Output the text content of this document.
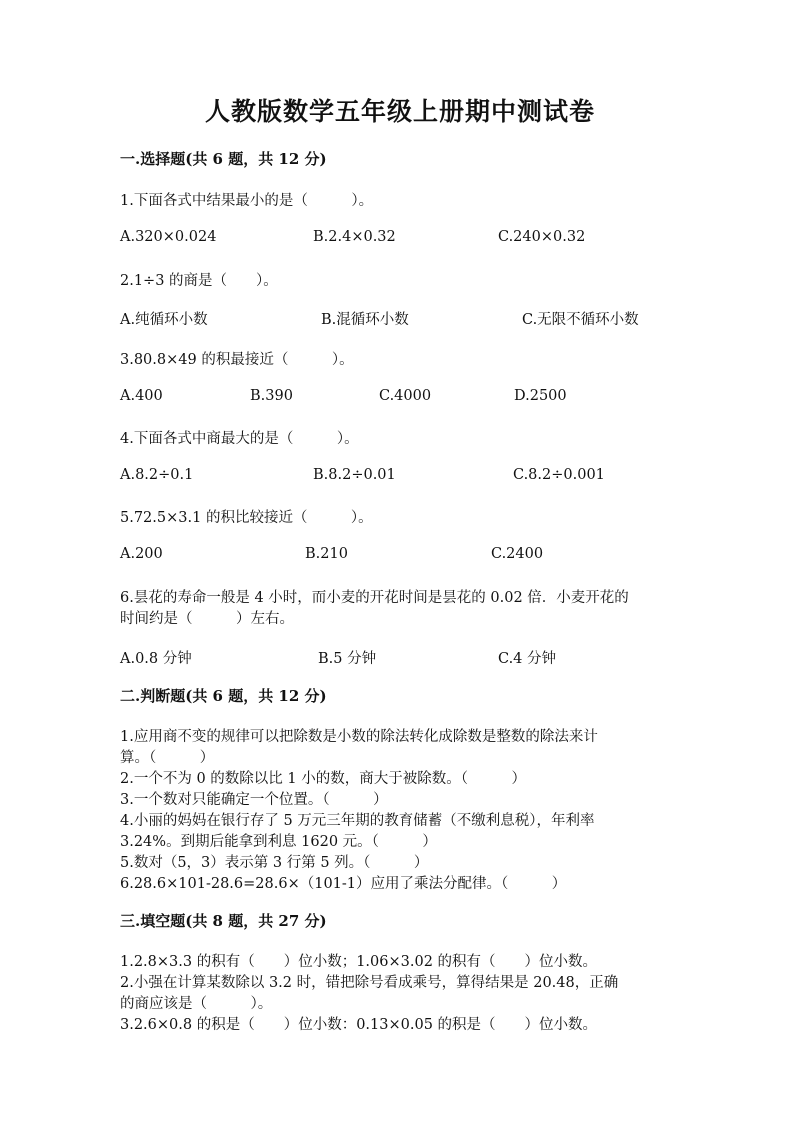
人教版数学五年级上册期中测试卷
一.选择题(共 6 题，共 12 分)
1.下面各式中结果最小的是（　　　）。
A.320×0.024	B.2.4×0.32	C.240×0.32
2.1÷3 的商是（　　）。
A.纯循环小数	B.混循环小数	C.无限不循环小数
3.80.8×49 的积最接近（　　　）。
A.400	B.390	C.4000	D.2500
4.下面各式中商最大的是（　　　）。
A.8.2÷0.1	B.8.2÷0.01	C.8.2÷0.001
5.72.5×3.1 的积比较接近（　　　）。
A.200	B.210	C.2400
6.昙花的寿命一般是 4 小时，而小麦的开花时间是昙花的 0.02 倍．小麦开花的
时间约是（　　　）左右。
A.0.8 分钟	B.5 分钟	C.4 分钟
二.判断题(共 6 题，共 12 分)
1.应用商不变的规律可以把除数是小数的除法转化成除数是整数的除法来计
算。（　　　）
2.一个不为 0 的数除以比 1 小的数，商大于被除数。（　　　）
3.一个数对只能确定一个位置。（　　　）
4.小丽的妈妈在银行存了 5 万元三年期的教育储蓄（不缴利息税），年利率
3.24%。到期后能拿到利息 1620 元。（　　　）
5.数对（5，3）表示第 3 行第 5 列。（　　　）
6.28.6×101-28.6=28.6×（101-1）应用了乘法分配律。（　　　）
三.填空题(共 8 题，共 27 分)
1.2.8×3.3 的积有（　　）位小数；1.06×3.02 的积有（　　）位小数。
2.小强在计算某数除以 3.2 时，错把除号看成乘号，算得结果是 20.48，正确
的商应该是（　　　）。
3.2.6×0.8 的积是（　　）位小数：0.13×0.05 的积是（　　）位小数。
